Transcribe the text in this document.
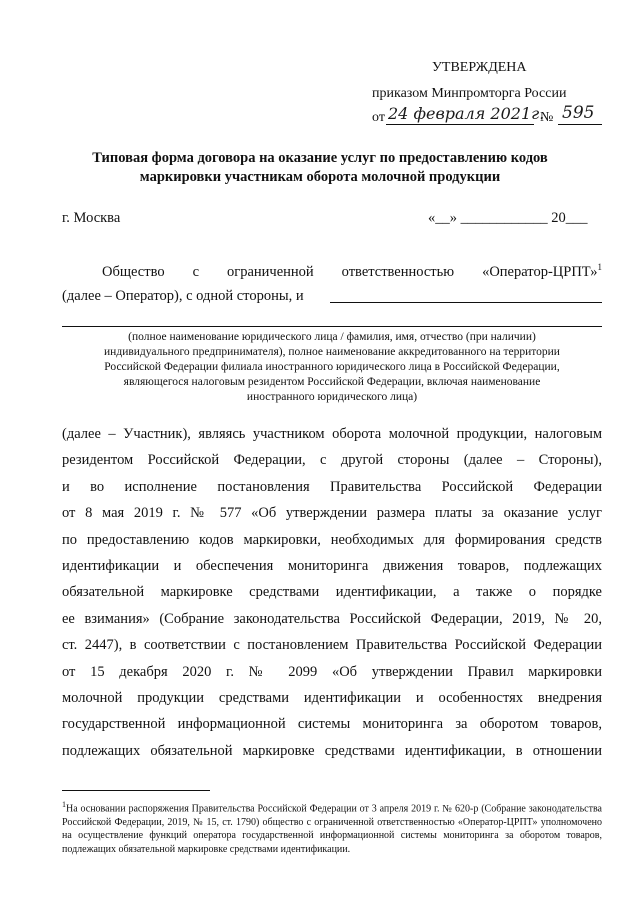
УТВЕРЖДЕНА
приказом Минпромторга России
от 24 февраля 2021г.
№ 595
Типовая форма договора на оказание услуг по предоставлению кодов
маркировки участникам оборота молочной продукции
г. Москва	«__» ____________ 20___
Общество с ограниченной ответственностью «Оператор-ЦРПТ»$^1$
(далее – Оператор), с одной стороны, и
(полное наименование юридического лица / фамилия, имя, отчество (при наличии)
индивидуального предпринимателя), полное наименование аккредитованного на территории
Российской Федерации филиала иностранного юридического лица в Российской Федерации,
являющегося налоговым резидентом Российской Федерации, включая наименование
иностранного юридического лица)
(далее – Участник), являясь участником оборота молочной продукции, налоговым
резидентом Российской Федерации, с другой стороны (далее – Стороны),
и во исполнение постановления Правительства Российской Федерации
от 8 мая 2019 г. № 577 «Об утверждении размера платы за оказание услуг
по предоставлению кодов маркировки, необходимых для формирования средств
идентификации и обеспечения мониторинга движения товаров, подлежащих
обязательной маркировке средствами идентификации, а также о порядке
ее взимания» (Собрание законодательства Российской Федерации, 2019, № 20,
ст. 2447), в соответствии с постановлением Правительства Российской Федерации
от 15 декабря 2020 г. № 2099 «Об утверждении Правил маркировки
молочной продукции средствами идентификации и особенностях внедрения
государственной информационной системы мониторинга за оборотом товаров,
подлежащих обязательной маркировке средствами идентификации, в отношении
$^1$На основании распоряжения Правительства Российской Федерации от 3 апреля 2019 г. № 620-р (Собрание законодательства Российской Федерации, 2019, № 15, ст. 1790) общество с ограниченной ответственностью «Оператор-ЦРПТ» уполномочено на осуществление функций оператора государственной информационной системы мониторинга за оборотом товаров, подлежащих обязательной маркировке средствами идентификации.
